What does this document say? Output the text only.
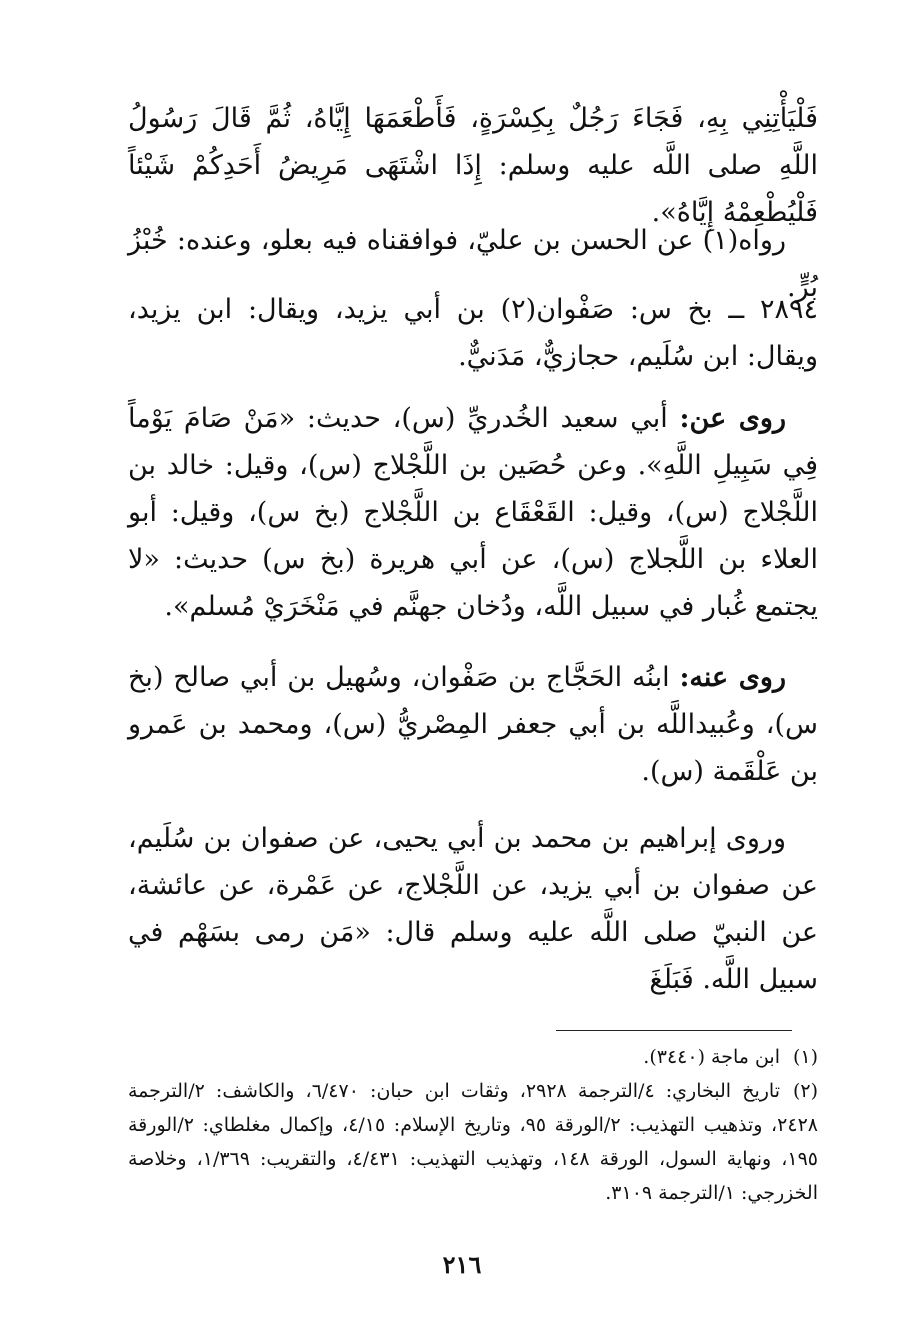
فَلْيَأْتِنِي بِهِ، فَجَاءَ رَجُلٌ بِكِسْرَةٍ، فَأَطْعَمَهَا إِيَّاهُ، ثُمَّ قَالَ رَسُولُ اللَّهِ صلى اللَّه عليه وسلم: إِذَا اشْتَهَى مَرِيضُ أَحَدِكُمْ شَيْئاً فَلْيُطْعِمْهُ إِيَّاهُ».

رواه(١) عن الحسن بن عليّ، فوافقناه فيه بعلو، وعنده: خُبْزُ بُرٍّ.

٢٨٩٤ ــ بخ س: صَفْوان(٢) بن أبي يزيد، ويقال: ابن يزيد، ويقال: ابن سُلَيم، حجازيٌّ، مَدَنيٌّ.

روى عن: أبي سعيد الخُدريِّ (س)، حديث: «مَنْ صَامَ يَوْماً فِي سَبِيلِ اللَّهِ». وعن حُصَين بن اللَّجْلاج (س)، وقيل: خالد بن اللَّجْلاج (س)، وقيل: القَعْقَاع بن اللَّجْلاج (بخ س)، وقيل: أبو العلاء بن اللَّجلاج (س)، عن أبي هريرة (بخ س) حديث: «لا يجتمع غُبار في سبيل اللَّه، ودُخان جهنَّم في مَنْخَرَيْ مُسلم».

روى عنه: ابنُه الحَجَّاج بن صَفْوان، وسُهيل بن أبي صالح (بخ س)، وعُبيداللَّه بن أبي جعفر المِصْريُّ (س)، ومحمد بن عَمرو بن عَلْقَمة (س).

وروى إبراهيم بن محمد بن أبي يحيى، عن صفوان بن سُلَيم، عن صفوان بن أبي يزيد، عن اللَّجْلاج، عن عَمْرة، عن عائشة، عن النبيّ صلى اللَّه عليه وسلم قال: «مَن رمى بسَهْم في سبيل اللَّه. فَبَلَغَ

(١)ابن ماجة (٣٤٤٠).

(٢)تاريخ البخاري: ٤/الترجمة ٢٩٢٨، وثقات ابن حبان: ٦/٤٧٠، والكاشف: ٢/الترجمة ٢٤٢٨، وتذهيب التهذيب: ٢/الورقة ٩٥، وتاريخ الإسلام: ٤/١٥، وإكمال مغلطاي: ٢/الورقة ١٩٥، ونهاية السول، الورقة ١٤٨، وتهذيب التهذيب: ٤/٤٣١، والتقريب: ١/٣٦٩، وخلاصة الخزرجي: ١/الترجمة ٣١٠٩.

٢١٦
